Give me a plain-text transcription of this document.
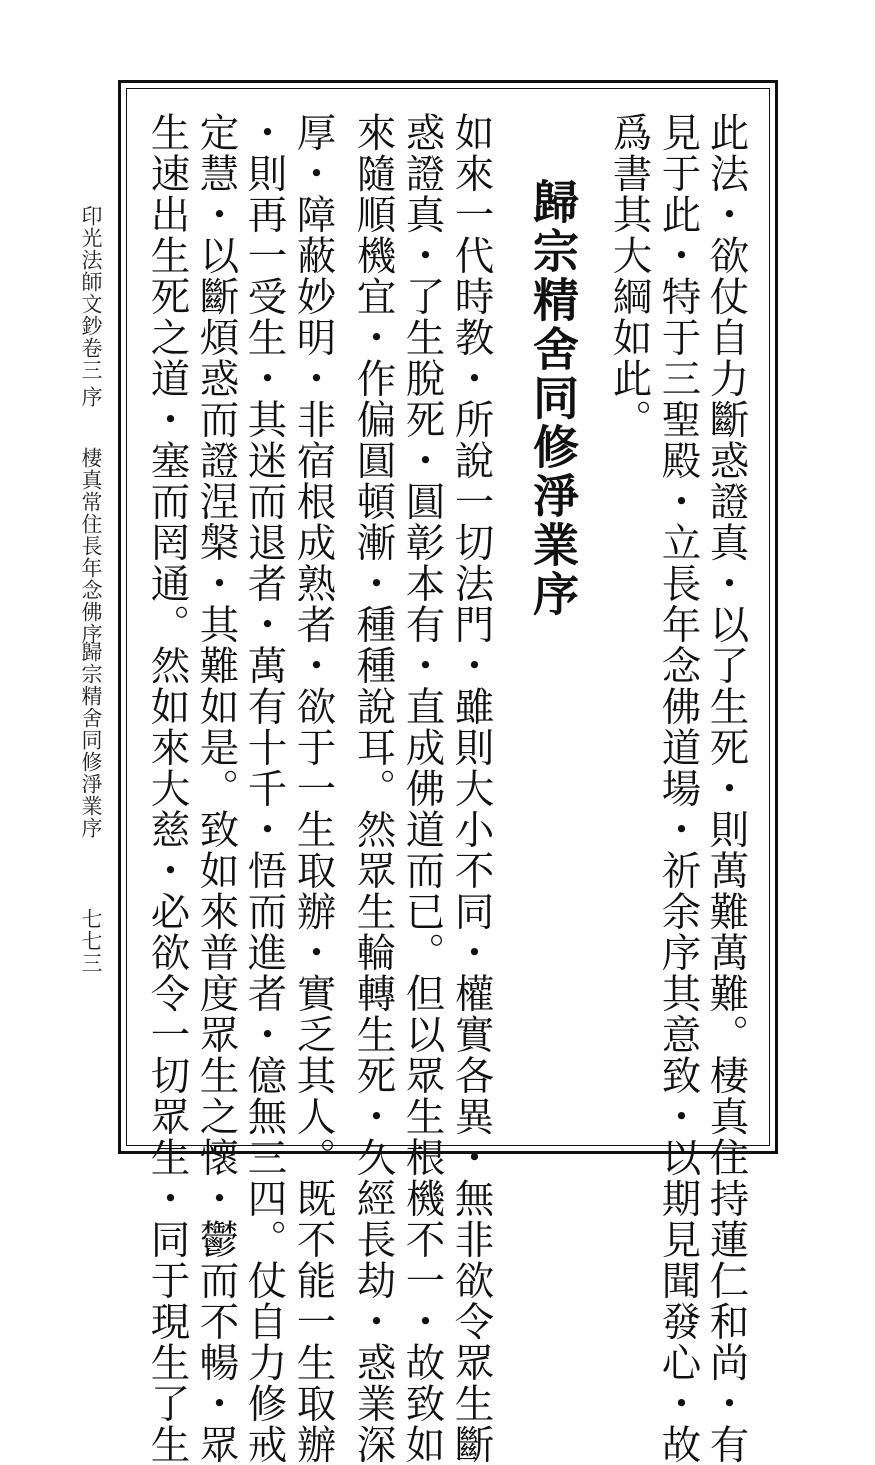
此法・欲仗自力斷惑證真・以了生死・則萬難萬難。棲真住持蓮仁和尚・有
見于此・特于三聖殿・立長年念佛道場・祈余序其意致・以期見聞發心・故
爲書其大綱如此。
歸宗精舍同修淨業序
如來一代時教・所說一切法門・雖則大小不同・權實各異・無非欲令眾生斷
惑證真・了生脫死・圓彰本有・直成佛道而已。但以眾生根機不一・故致如
來隨順機宜・作偏圓頓漸・種種說耳。然眾生輪轉生死・久經長劫・惑業深
厚・障蔽妙明・非宿根成熟者・欲于一生取辦・實乏其人。既不能一生取辦
・則再一受生・其迷而退者・萬有十千・悟而進者・億無三四。仗自力修戒
定慧・以斷煩惑而證涅槃・其難如是。致如來普度眾生之懷・鬱而不暢・眾
生速出生死之道・塞而罔通。然如來大慈・必欲令一切眾生・同于現生了生
印光法師文鈔卷三
序
棲真常住長年念佛序
歸宗精舍同修淨業序
七七三
